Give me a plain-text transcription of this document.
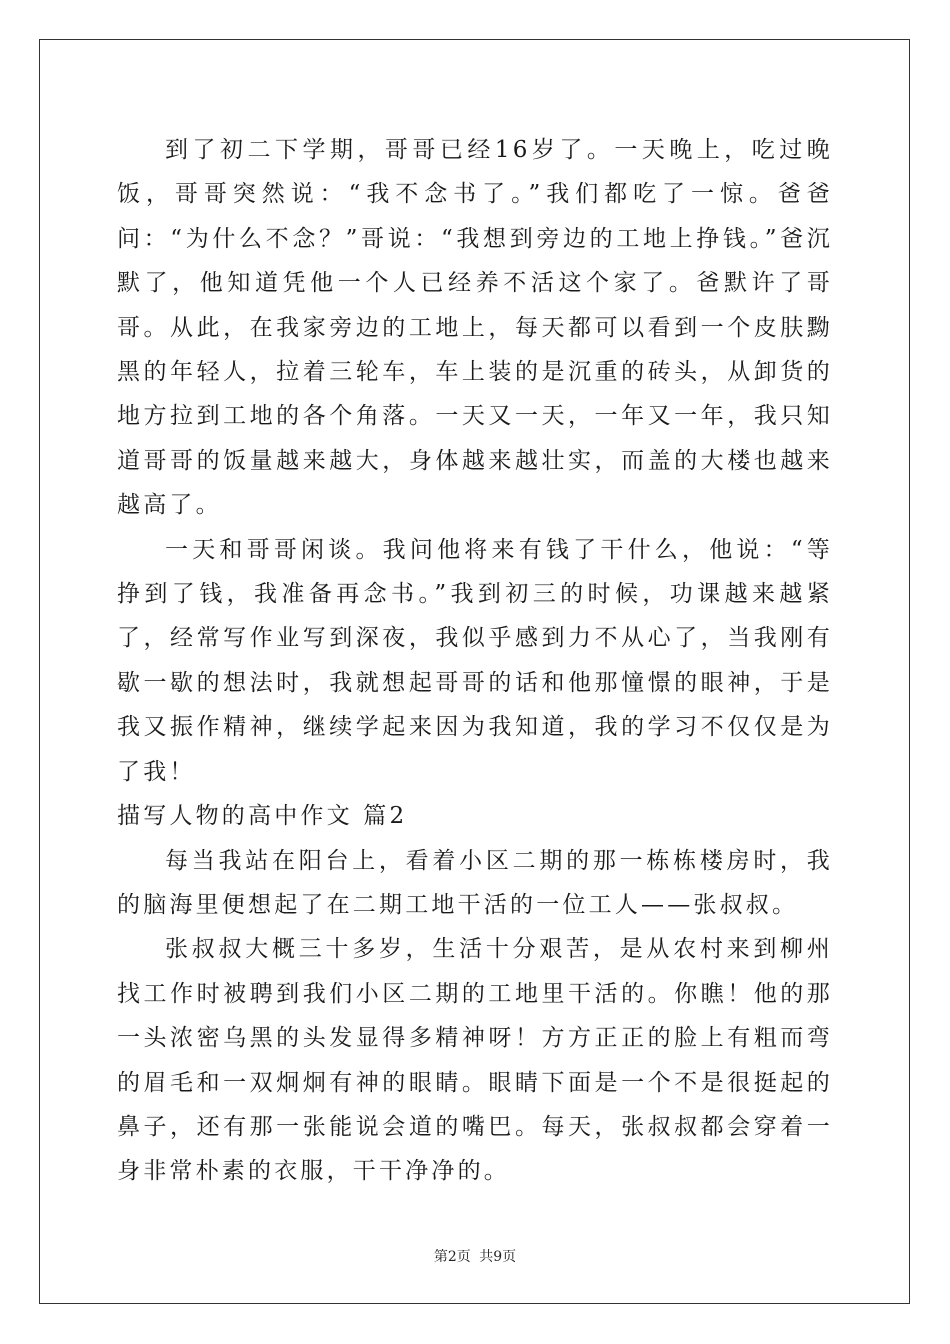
到了初二下学期，哥哥已经16岁了。一天晚上，吃过晚饭，哥哥突然说：“我不念书了。”我们都吃了一惊。爸爸问：“为什么不念？”哥说：“我想到旁边的工地上挣钱。”爸沉默了，他知道凭他一个人已经养不活这个家了。爸默许了哥哥。从此，在我家旁边的工地上，每天都可以看到一个皮肤黝黑的年轻人，拉着三轮车，车上装的是沉重的砖头，从卸货的地方拉到工地的各个角落。一天又一天，一年又一年，我只知道哥哥的饭量越来越大，身体越来越壮实，而盖的大楼也越来越高了。

一天和哥哥闲谈。我问他将来有钱了干什么，他说：“等挣到了钱，我准备再念书。”我到初三的时候，功课越来越紧了，经常写作业写到深夜，我似乎感到力不从心了，当我刚有歇一歇的想法时，我就想起哥哥的话和他那憧憬的眼神，于是我又振作精神，继续学起来因为我知道，我的学习不仅仅是为了我！

描写人物的高中作文 篇2

每当我站在阳台上，看着小区二期的那一栋栋楼房时，我的脑海里便想起了在二期工地干活的一位工人——张叔叔。

张叔叔大概三十多岁，生活十分艰苦，是从农村来到柳州找工作时被聘到我们小区二期的工地里干活的。你瞧！他的那一头浓密乌黑的头发显得多精神呀！方方正正的脸上有粗而弯的眉毛和一双炯炯有神的眼睛。眼睛下面是一个不是很挺起的鼻子，还有那一张能说会道的嘴巴。每天，张叔叔都会穿着一身非常朴素的衣服，干干净净的。

第2页 共9页
